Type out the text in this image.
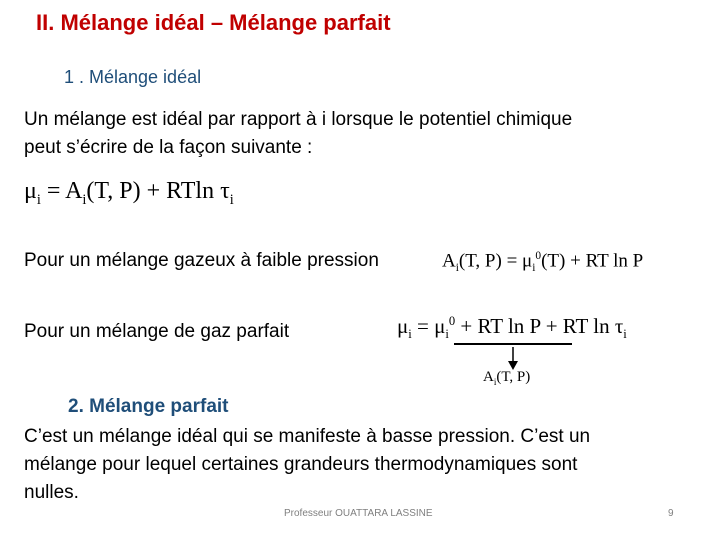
II. Mélange idéal – Mélange parfait
1 . Mélange idéal
Un mélange est idéal par rapport à i lorsque le potentiel chimique
peut s’écrire de la façon suivante :
$\mu_i = A_i(T$, P) + RTln $\tau_i$
Pour un mélange gazeux à faible pression	$A_i(T$, $P) = \mu_i^0(T)$ + RT ln P
Pour un mélange de gaz parfait	$\mu_i = \mu_i^0$ + RT ln P + RT $\ln \tau_i$
$A_i(T$, P)
2. Mélange parfait
C’est un mélange idéal qui se manifeste à basse pression. C’est un
mélange pour lequel certaines grandeurs thermodynamiques sont
nulles.
Professeur OUATTARA LASSINE	9
